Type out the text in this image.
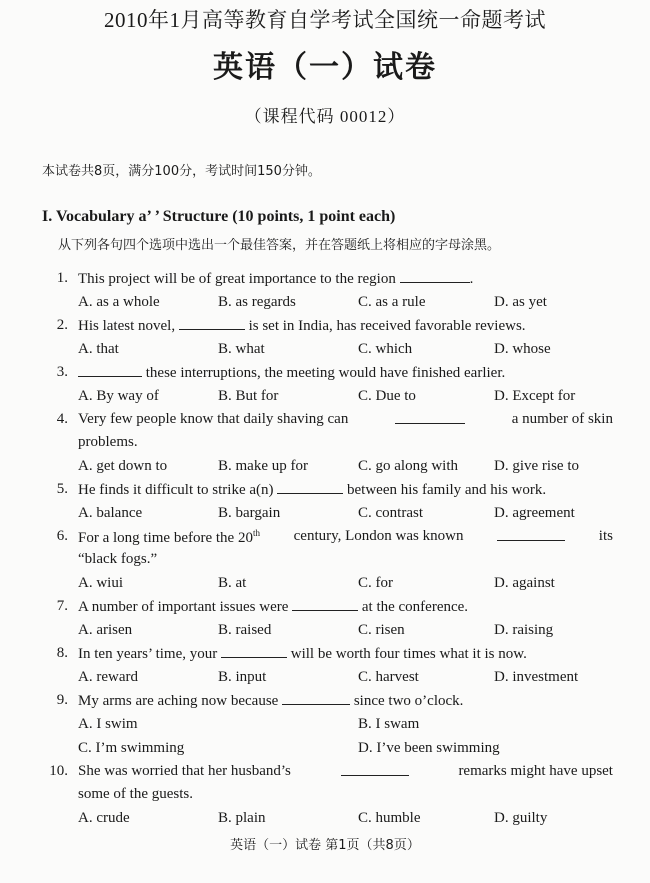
2010年1月高等教育自学考试全国统一命题考试
英语（一）试卷
（课程代码 00012）
本试卷共8页，满分100分，考试时间150分钟。
I. Vocabulary a’ ’ Structure (10 points, 1 point each)
从下列各句四个选项中选出一个最佳答案，并在答题纸上将相应的字母涂黑。
1. This project will be of great importance to the region	.
A. as a whole	B. as regards	C. as a rule	D. as yet
2. His latest novel,	is set in India, has received favorable reviews.
A. that	B. what	C. which	D. whose
3.	these interruptions, the meeting would have finished earlier.
A. By way of	B. But for	C. Due to	D. Except for
4. Very few people know that daily shaving can	a number of skin
problems.
A. get down to	B. make up for	C. go along with D. give rise to
5. He finds it difficult to strike a(n)	between his family and his work.
A. balance	B. bargain	C. contrast	D. agreement
6. For a long time before the 20th century, London was known	its
“black fogs.”
A. wiui	B. at	C. for	D. against
7. A number of important issues were	at the conference.
A. arisen	B. raised	C. risen	D. raising
8. In ten years’ time, your	will be worth four times what it is now.
A. reward	B. input	C. harvest	D. investment
9. My arms are aching now because	since two o’clock.
A. I swim	B. I swam
C. I’m swimming	D. I’ve been swimming
10. She was worried that her husband’s	remarks might have upset
some of the guests.
A. crude	B. plain	C. humble	D. guilty
英语（一）试卷 第1页（共8页）
